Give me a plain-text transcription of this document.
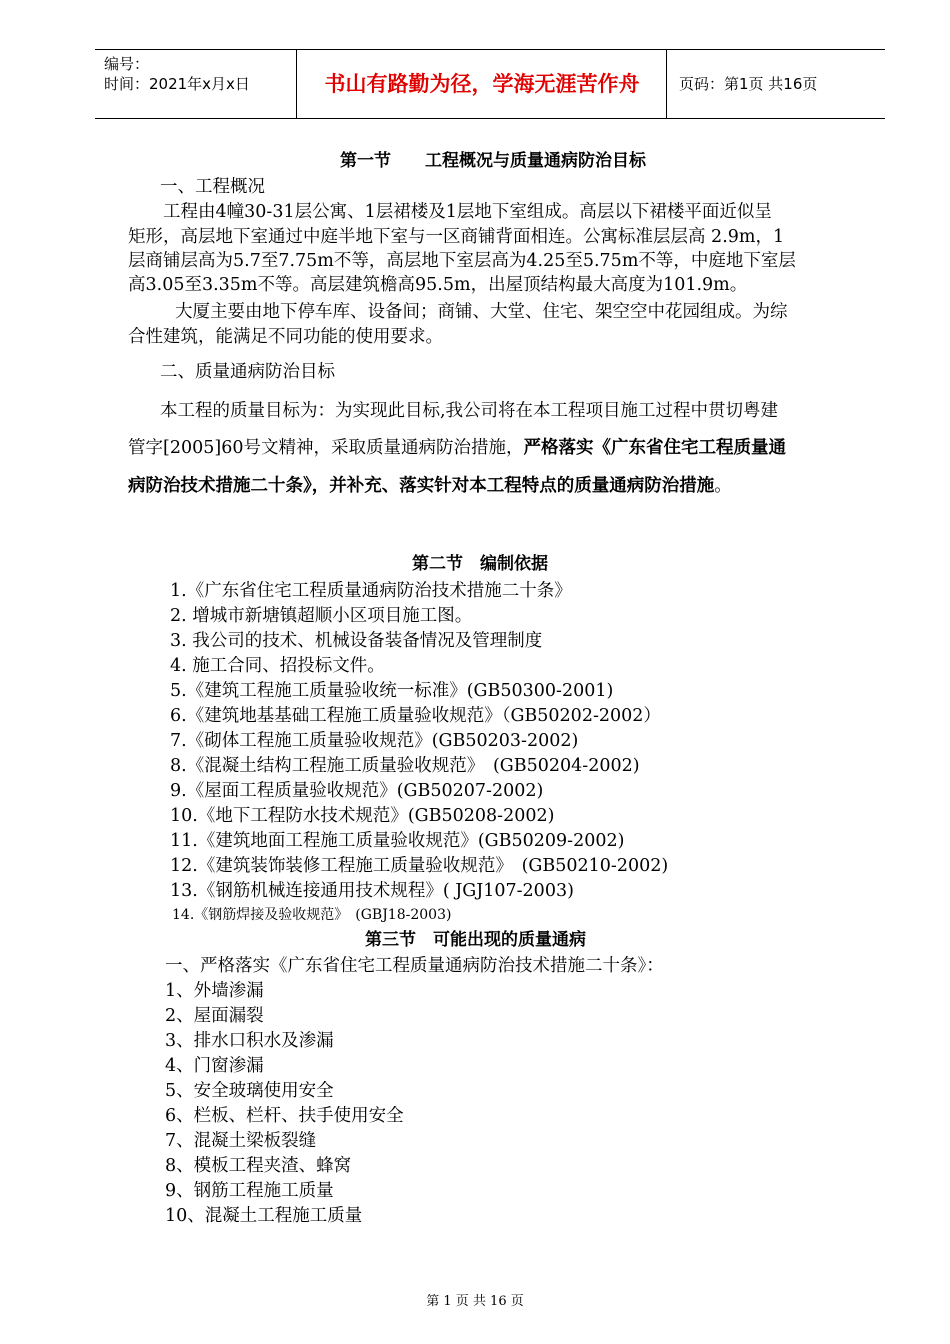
编号：
时间：2021年x月x日	书山有路勤为径，学海无涯苦作舟	页码：第1页 共16页
第一节　　工程概况与质量通病防治目标
一、工程概况
工程由4幢30-31层公寓、1层裙楼及1层地下室组成。高层以下裙楼平面近似呈
矩形，高层地下室通过中庭半地下室与一区商铺背面相连。公寓标准层层高 2.9m，1
层商铺层高为5.7至7.75m不等，高层地下室层高为4.25至5.75m不等，中庭地下室层
高3.05至3.35m不等。高层建筑檐高95.5m，出屋顶结构最大高度为101.9m。
大厦主要由地下停车库、设备间；商铺、大堂、住宅、架空空中花园组成。为综
合性建筑，能满足不同功能的使用要求。
二、质量通病防治目标
本工程的质量目标为：为实现此目标,我公司将在本工程项目施工过程中贯切粤建
管字[2005]60号文精神，采取质量通病防治措施，严格落实《广东省住宅工程质量通
病防治技术措施二十条》，并补充、落实针对本工程特点的质量通病防治措施。
第二节　编制依据
1.《广东省住宅工程质量通病防治技术措施二十条》
2. 增城市新塘镇超顺小区项目施工图。
3. 我公司的技术、机械设备装备情况及管理制度
4. 施工合同、招投标文件。
5.《建筑工程施工质量验收统一标准》(GB50300-2001)
6.《建筑地基基础工程施工质量验收规范》（GB50202-2002）
7.《砌体工程施工质量验收规范》(GB50203-2002)
8.《混凝土结构工程施工质量验收规范》　(GB50204-2002)
9.《屋面工程质量验收规范》(GB50207-2002)
10.《地下工程防水技术规范》(GB50208-2002)
11.《建筑地面工程施工质量验收规范》(GB50209-2002)
12.《建筑装饰装修工程施工质量验收规范》　(GB50210-2002)
13.《钢筋机械连接通用技术规程》( JGJ107-2003)
14.《钢筋焊接及验收规范》　(GBJ18-2003)
第三节　可能出现的质量通病
一、严格落实《广东省住宅工程质量通病防治技术措施二十条》：
1、外墙渗漏
2、屋面漏裂
3、排水口积水及渗漏
4、门窗渗漏
5、安全玻璃使用安全
6、栏板、栏杆、扶手使用安全
7、混凝土梁板裂缝
8、模板工程夹渣、蜂窝
9、钢筋工程施工质量
10、混凝土工程施工质量
第 1 页 共 16 页
